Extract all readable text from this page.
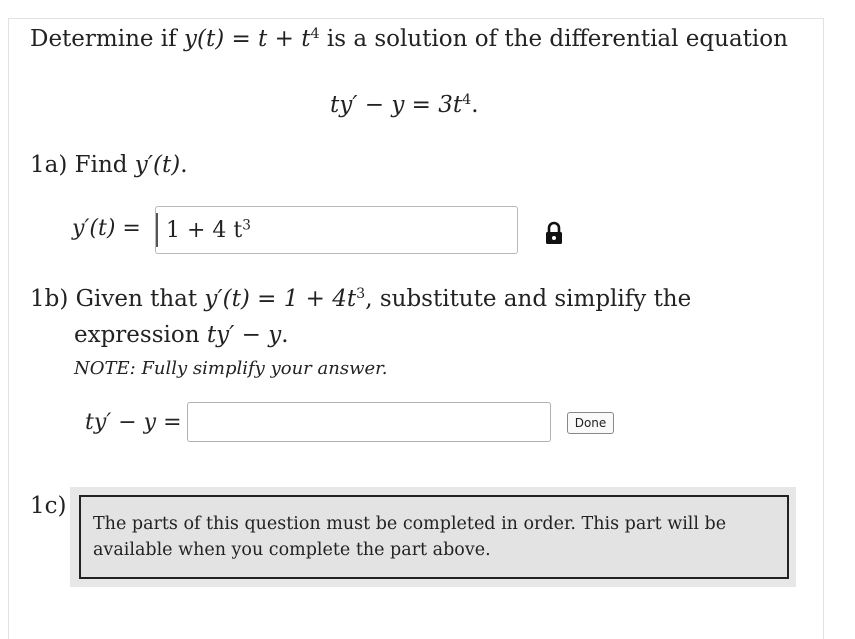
Determine if $y(t) = t + t^4$ is a solution of the differential equation
$ty' - y = 3t^4$.
1a) Find y′(t).
y′(t) = 1 + 4 $t^3$
1b) Given that $y'(t) = 1 + 4t^3$, substitute and simplify the
expression ty′ − y.
NOTE: Fully simplify your answer.
ty′ − y =	Done
1c)
The parts of this question must be completed in order. This part will be available when you complete the part above.
